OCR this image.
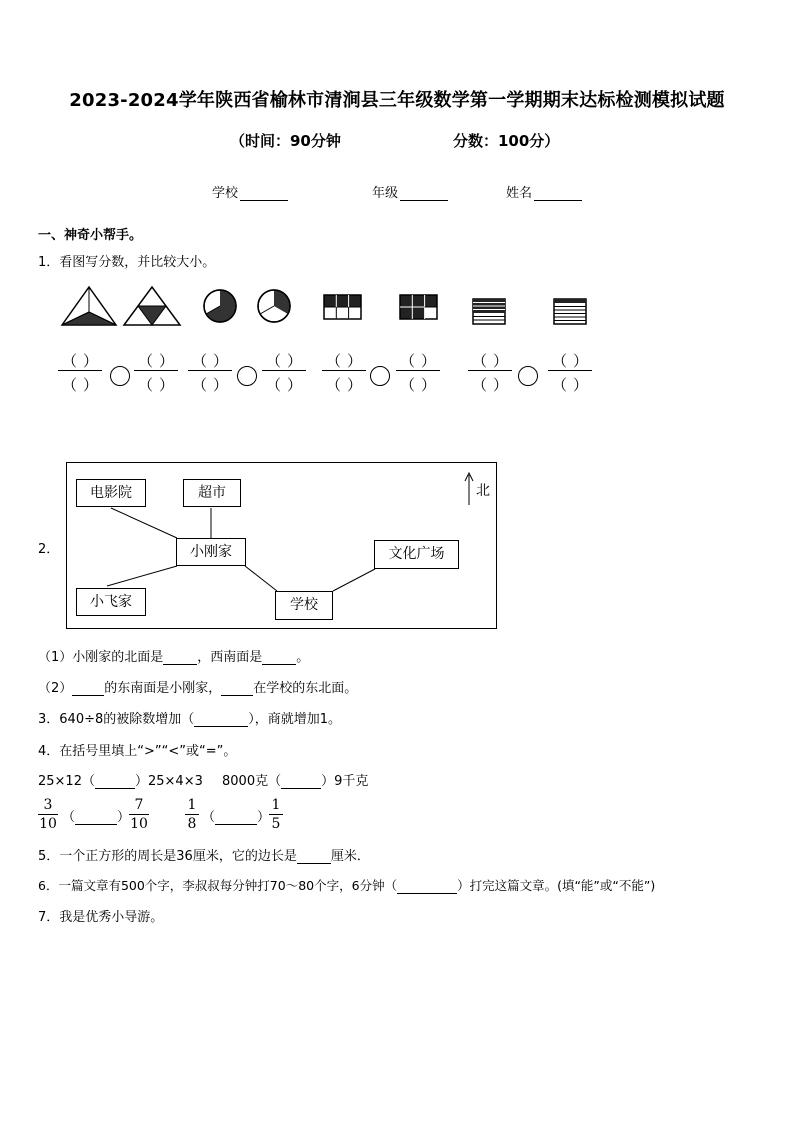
2023-2024学年陕西省榆林市清涧县三年级数学第一学期期末达标检测模拟试题
（时间：90分钟	分数：100分）
学校	年级	姓名
一、神奇小帮手。
1．看图写分数，并比较大小。
（ ）
（ ）
（ ）
（ ）
（ ）
（ ）
（ ）
（ ）
（ ）
（ ）
（ ）
（ ）
（ ）
（ ）
（ ）
（ ）
2．
电影院	超市
小刚家	文化广场
小飞家	学校
北
（1）小刚家的北面是	，西南面是	。
（2） 的东南面是小刚家， 在学校的东北面。
3．640÷8的被除数增加（	），商就增加1。
4．在括号里填上“>”“<”或“=”。
25×12（	）25×4×3 8000克（	）9千克
3
10 （	）
7
10
1
8 （	）
1
5
5．一个正方形的周长是36厘米，它的边长是	厘米．
6．一篇文章有500个字，李叔叔每分钟打70～80个字，6分钟（	）打完这篇文章。(填“能”或“不能”)
7．我是优秀小导游。
